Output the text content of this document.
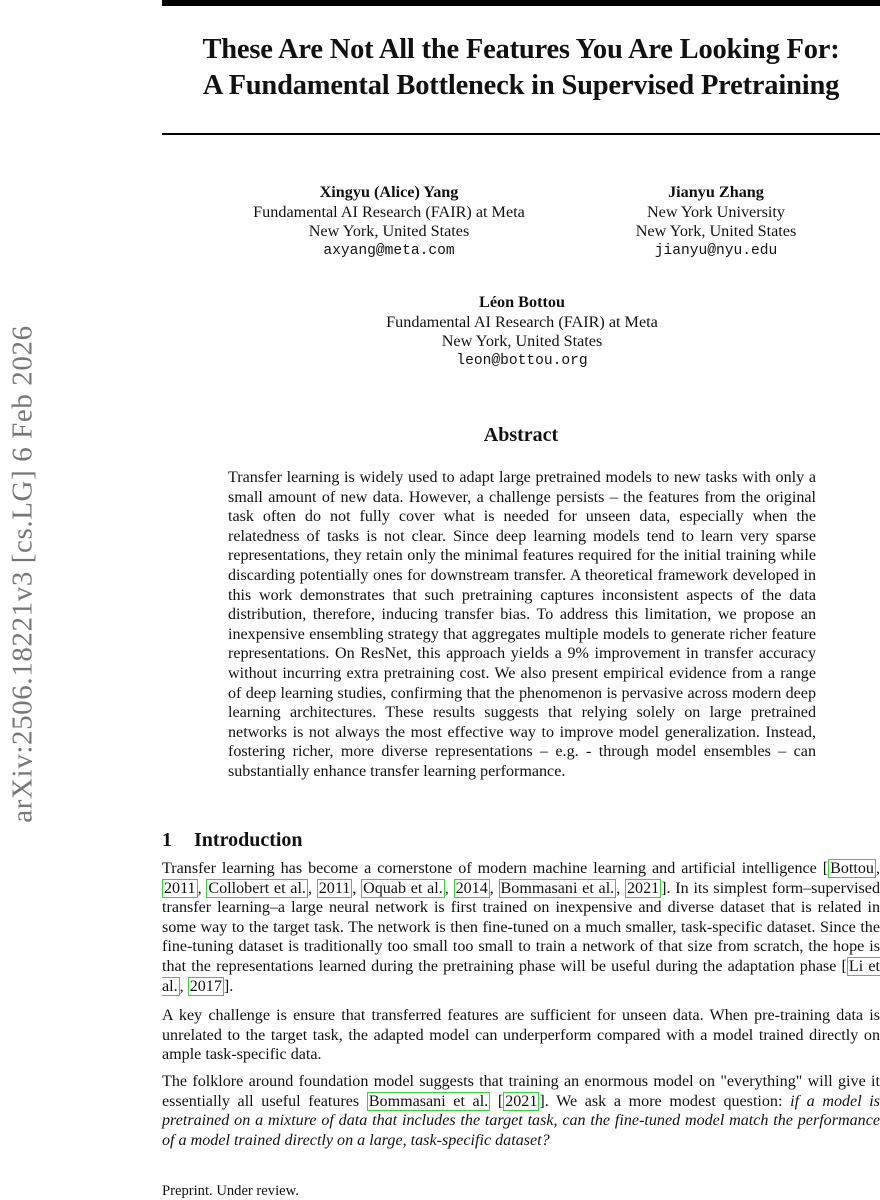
arXiv:2506.18221v3 [cs.LG] 6 Feb 2026
These Are Not All the Features You Are Looking For:
A Fundamental Bottleneck in Supervised Pretraining
Xingyu (Alice) Yang
Fundamental AI Research (FAIR) at Meta
New York, United States
axyang@meta.com
Jianyu Zhang
New York University
New York, United States
jianyu@nyu.edu
Léon Bottou
Fundamental AI Research (FAIR) at Meta
New York, United States
leon@bottou.org
Abstract
Transfer learning is widely used to adapt large pretrained models to new tasks with only a small amount of new data. However, a challenge persists – the features from the original task often do not fully cover what is needed for unseen data, especially when the relatedness of tasks is not clear. Since deep learning models tend to learn very sparse representations, they retain only the minimal features required for the initial training while discarding potentially ones for downstream transfer. A theoretical framework developed in this work demonstrates that such pretraining captures inconsistent aspects of the data distribution, therefore, inducing transfer bias. To address this limitation, we propose an inexpensive ensembling strategy that aggregates multiple models to generate richer feature representations. On ResNet, this approach yields a 9% improvement in transfer accuracy without incurring extra pretraining cost. We also present empirical evidence from a range of deep learning studies, confirming that the phenomenon is pervasive across modern deep learning architectures. These results suggests that relying solely on large pretrained networks is not always the most effective way to improve model generalization. Instead, fostering richer, more diverse representations – e.g. - through model ensembles – can substantially enhance transfer learning performance.
1 Introduction
Transfer learning has become a cornerstone of modern machine learning and artificial intelligence [ Bottou , 2011 , Collobert et al. , 2011 , Oquab et al. , 2014 , Bommasani et al. , 2021 ]. In its simplest form–supervised transfer learning–a large neural network is first trained on inexpensive and diverse dataset that is related in some way to the target task. The network is then fine-tuned on a much smaller, task-specific dataset. Since the fine-tuning dataset is traditionally too small too small to train a network of that size from scratch, the hope is that the representations learned during the pretraining phase will be useful during the adaptation phase [ Li et al. , 2017 ].
A key challenge is ensure that transferred features are sufficient for unseen data. When pre-training data is unrelated to the target task, the adapted model can underperform compared with a model trained directly on ample task-specific data.
The folklore around foundation model suggests that training an enormous model on "everything" will give it essentially all useful features Bommasani et al. [ 2021 ]. We ask a more modest question: if a model is pretrained on a mixture of data that includes the target task, can the fine-tuned model match the performance of a model trained directly on a large, task-specific dataset?
Preprint. Under review.
